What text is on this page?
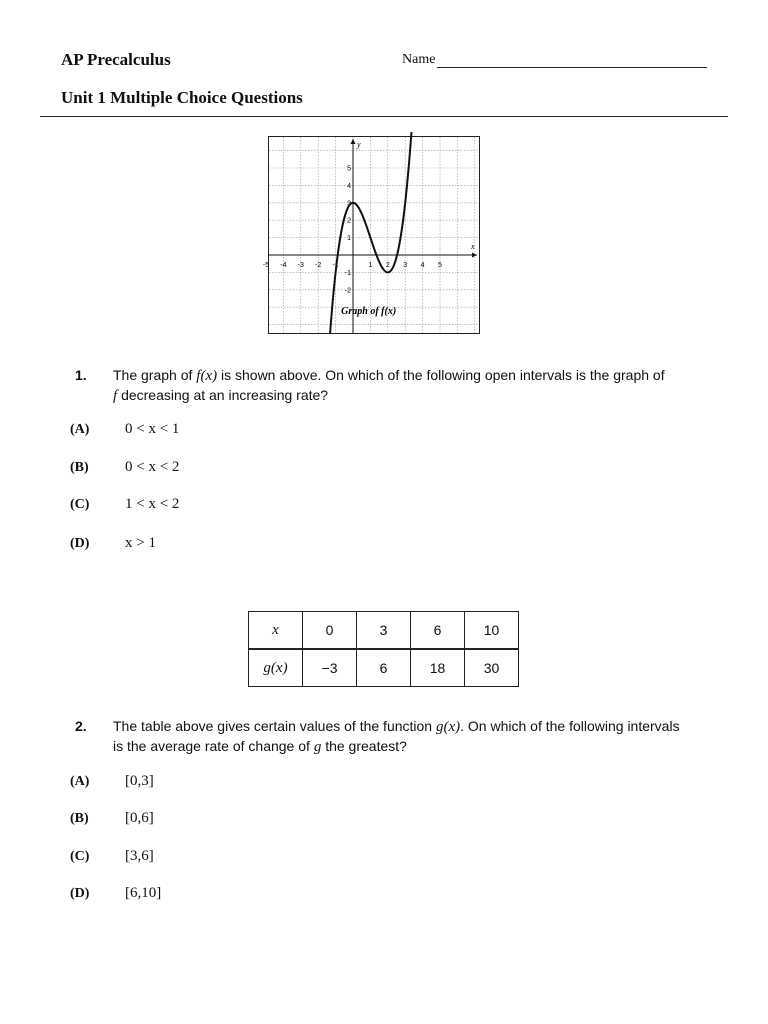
AP Precalculus
Unit 1 Multiple Choice Questions
Name
-5 -4 -3 -2 -1	1 2 3 4 5
5
4
3
2
1
-1
-2
x
y
Graph of f(x)
1. The graph of f(x) is shown above. On which of the following open intervals is the graph of
f decreasing at an increasing rate?
(A) 0 < x < 1
(B) 0 < x < 2
(C) 1 < x < 2
(D) x > 1
x	0	3	6	10
g(x)	−3	6	18	30
2. The table above gives certain values of the function g(x). On which of the following intervals
is the average rate of change of g the greatest?
(A) [0,3]
(B) [0,6]
(C) [3,6]
(D) [6,10]
